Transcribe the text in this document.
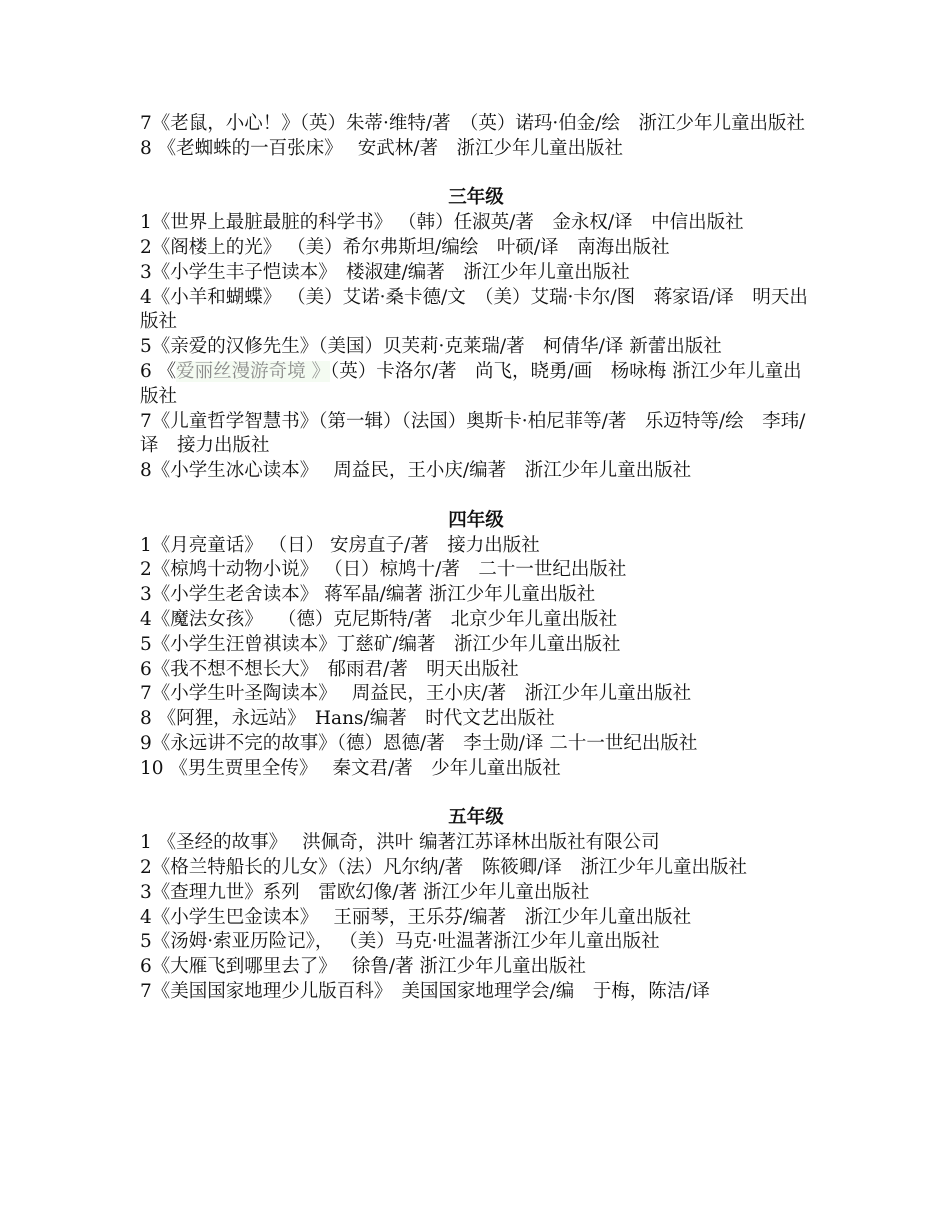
7《老鼠，小心！》（英）朱蒂·维特/著　（英）诺玛·伯金/绘　浙江少年儿童出版社

8 《老蜘蛛的一百张床》　 安武林/著　浙江少年儿童出版社

三年级

1《世界上最脏最脏的科学书》 （韩）任淑英/著　金永权/译　中信出版社

2《阁楼上的光》 （美）希尔弗斯坦/编绘　叶硕/译　南海出版社

3《小学生丰子恺读本》　楼淑建/编著　浙江少年儿童出版社

4《小羊和蝴蝶》 （美）艾诺·桑卡德/文　（美）艾瑞·卡尔/图　蒋家语/译　明天出版社

5《亲爱的汉修先生》（美国）贝芙莉·克莱瑞/著　柯倩华/译 新蕾出版社

6 《爱丽丝漫游奇境 》（英）卡洛尔/著　尚飞，晓勇/画　杨咏梅 浙江少年儿童出版社

7《儿童哲学智慧书》（第一辑）（法国）奥斯卡·柏尼菲等/著　乐迈特等/绘　李玮/译　接力出版社

8《小学生冰心读本》　 周益民，王小庆/编著　浙江少年儿童出版社

四年级

1《月亮童话》 （日） 安房直子/著　接力出版社

2《椋鸠十动物小说》 （日）椋鸠十/著　二十一世纪出版社

3《小学生老舍读本》 蒋军晶/编著 浙江少年儿童出版社

4《魔法女孩》　 （德）克尼斯特/著　北京少年儿童出版社

5《小学生汪曾祺读本》丁慈矿/编著　浙江少年儿童出版社

6《我不想不想长大》　郁雨君/著　明天出版社

7《小学生叶圣陶读本》　 周益民，王小庆/著　浙江少年儿童出版社

8 《阿狸，永远站》　Hans/编著　时代文艺出版社

9《永远讲不完的故事》（德）恩德/著　李士勋/译 二十一世纪出版社

10 《男生贾里全传》　 秦文君/著　少年儿童出版社

五年级

1 《圣经的故事》　 洪佩奇，洪叶 编著江苏译林出版社有限公司

2《格兰特船长的儿女》（法）凡尔纳/著　陈筱卿/译　浙江少年儿童出版社

3《查理九世》系列　雷欧幻像/著 浙江少年儿童出版社

4《小学生巴金读本》　 王丽琴，王乐芬/编著　浙江少年儿童出版社

5《汤姆·索亚历险记》， （美）马克·吐温著浙江少年儿童出版社

6《大雁飞到哪里去了》　 徐鲁/著 浙江少年儿童出版社

7《美国国家地理少儿版百科》　美国国家地理学会/编　于梅，陈洁/译
